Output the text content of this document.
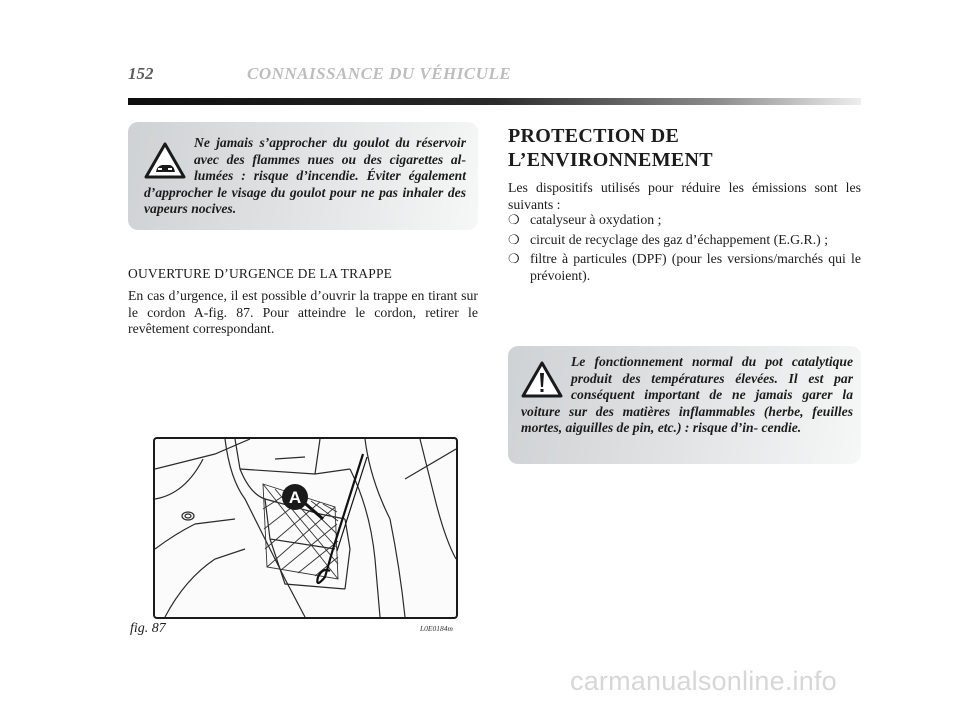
152	CONNAISSANCE DU VÉHICULE

Ne jamais s’approcher du goulot du réservoir avec des flammes nues ou des cigarettes al- lumées : risque d’incendie. Éviter également d’approcher le visage du goulot pour ne pas inhaler des vapeurs nocives.

OUVERTURE D’URGENCE DE LA TRAPPE
En cas d’urgence, il est possible d’ouvrir la trappe en tirant sur le cordon A-fig. 87. Pour atteindre le cordon, retirer le revêtement correspondant.
A
fig. 87	L0E0184m
PROTECTION DE L’ENVIRONNEMENT
Les dispositifs utilisés pour réduire les émissions sont les suivants :
❍ catalyseur à oxydation ;
❍ circuit de recyclage des gaz d’échappement (E.G.R.) ;
❍ filtre à particules (DPF) (pour les versions/marchés qui le prévoient).

Le fonctionnement normal du pot catalytique produit des températures élevées. Il est par conséquent important de ne jamais garer la voiture sur des matières inflammables (herbe, feuilles mortes, aiguilles de pin, etc.) : risque d’in- cendie.

carmanualsonline.info
